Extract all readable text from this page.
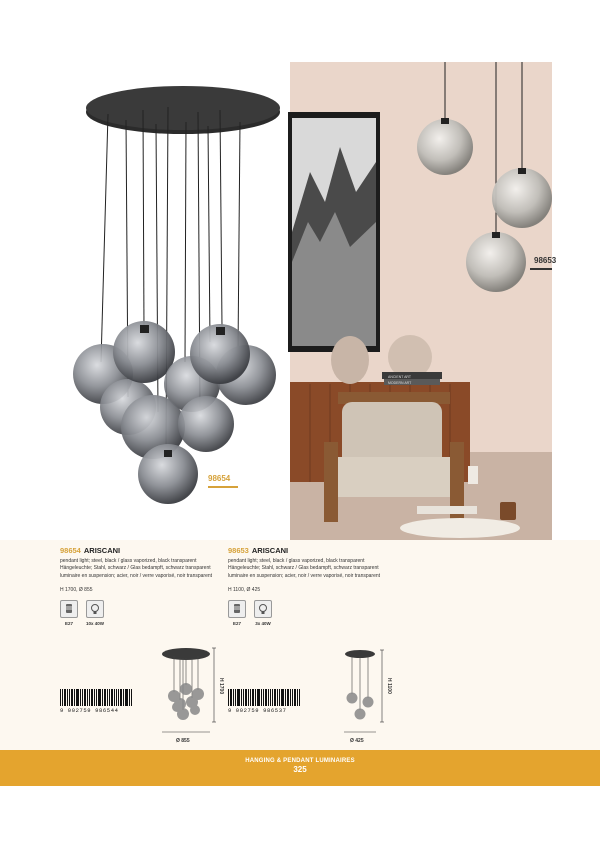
98654
ANCIENT ART
MODERN ART
98653
98654 ARISCANI

pendant light; steel, black / glass vaporized, black transparent

Hängeleuchte; Stahl, schwarz / Glas bedampft, schwarz transparent

luminaire en suspension; acier, noir / verre vaporisé, noir transparent

H 1700, Ø 855
E27	10x 40W
98653 ARISCANI

pendant light; steel, black / glass vaporized, black transparent

Hängeleuchte; Stahl, schwarz / Glas bedampft, schwarz transparent

luminaire en suspension; acier, noir / verre vaporisé, noir transparent

H 1100, Ø 425
E27	3x 40W
9 002759 986544	9 002759 986537
H 1700
Ø 855
H 1100
Ø 425
HANGING & PENDANT LUMINAIRES
325
